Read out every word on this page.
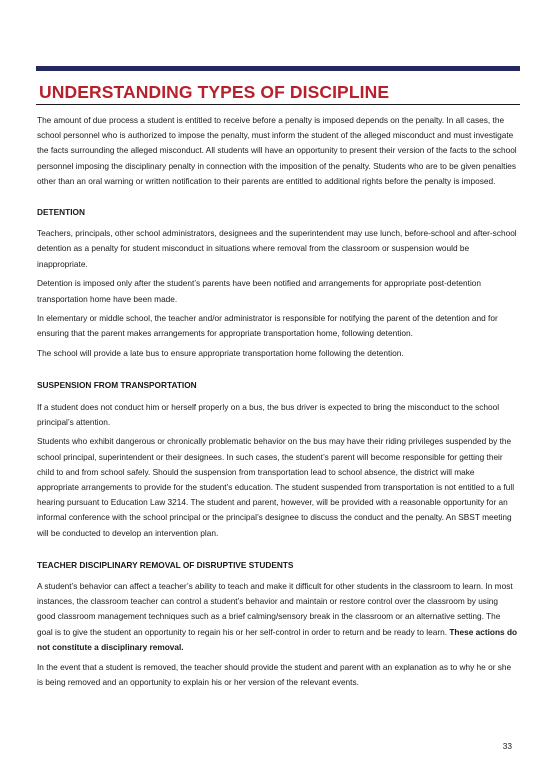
UNDERSTANDING TYPES OF DISCIPLINE

The amount of due process a student is entitled to receive before a penalty is imposed depends on the penalty. In all cases, the school personnel who is authorized to impose the penalty, must inform the student of the alleged misconduct and must investigate the facts surrounding the alleged misconduct. All students will have an opportunity to present their version of the facts to the school personnel imposing the disciplinary penalty in connection with the imposition of the penalty. Students who are to be given penalties other than an oral warning or written notification to their parents are entitled to additional rights before the penalty is imposed.

DETENTION

Teachers, principals, other school administrators, designees and the superintendent may use lunch, before-school and after-school detention as a penalty for student misconduct in situations where removal from the classroom or suspension would be inappropriate.

Detention is imposed only after the student’s parents have been notified and arrangements for appropriate post-detention transportation home have been made.

In elementary or middle school, the teacher and/or administrator is responsible for notifying the parent of the detention and for ensuring that the parent makes arrangements for appropriate transportation home, following detention.

The school will provide a late bus to ensure appropriate transportation home following the detention.

SUSPENSION FROM TRANSPORTATION

If a student does not conduct him or herself properly on a bus, the bus driver is expected to bring the misconduct to the school principal’s attention.

Students who exhibit dangerous or chronically problematic behavior on the bus may have their riding privileges suspended by the school principal, superintendent or their designees. In such cases, the student’s parent will become responsible for getting their child to and from school safely. Should the suspension from transportation lead to school absence, the district will make appropriate arrangements to provide for the student’s education. The student suspended from transportation is not entitled to a full hearing pursuant to Education Law 3214. The student and parent, however, will be provided with a reasonable opportunity for an informal conference with the school principal or the principal’s designee to discuss the conduct and the penalty. An SBST meeting will be conducted to develop an intervention plan.

TEACHER DISCIPLINARY REMOVAL OF DISRUPTIVE STUDENTS

A student’s behavior can affect a teacher’s ability to teach and make it difficult for other students in the classroom to learn. In most instances, the classroom teacher can control a student’s behavior and maintain or restore control over the classroom by using good classroom management techniques such as a brief calming/sensory break in the classroom or an alternative setting. The goal is to give the student an opportunity to regain his or her self-control in order to return and be ready to learn. These actions do not constitute a disciplinary removal.

In the event that a student is removed, the teacher should provide the student and parent with an explanation as to why he or she is being removed and an opportunity to explain his or her version of the relevant events.

33
